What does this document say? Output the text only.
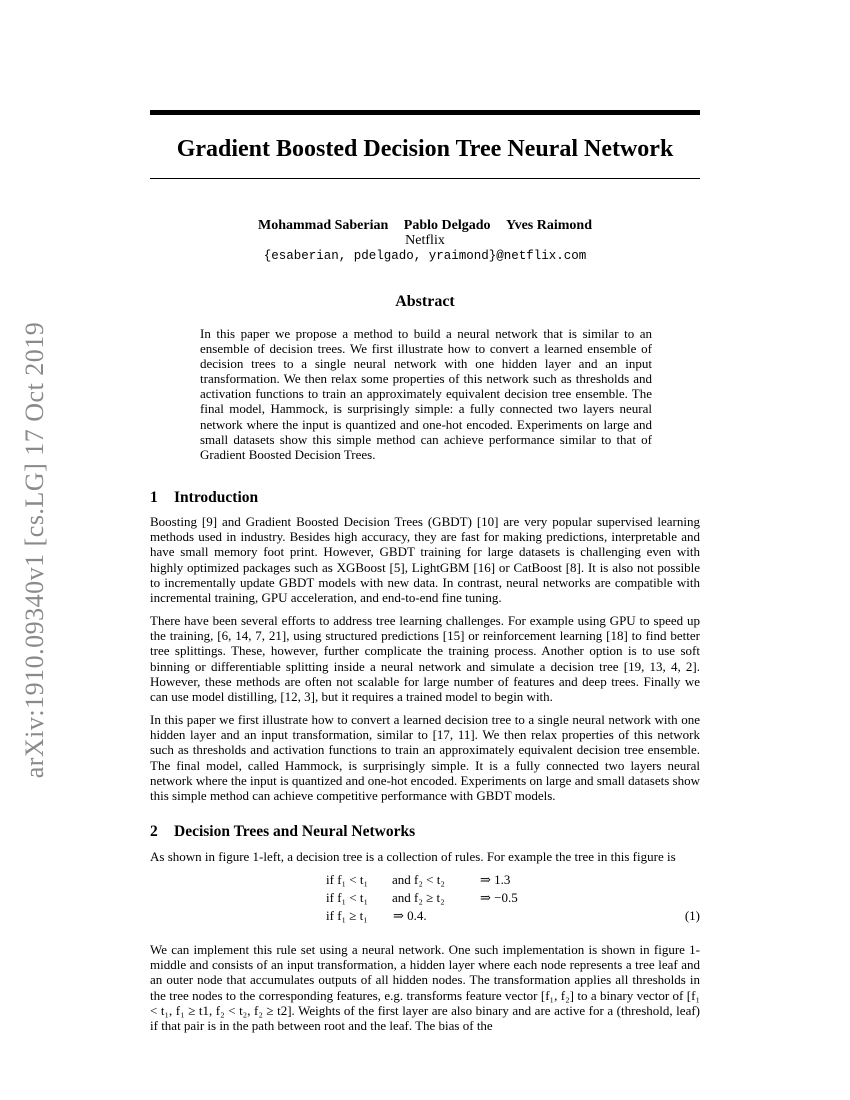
arXiv:1910.09340v1 [cs.LG] 17 Oct 2019
Gradient Boosted Decision Tree Neural Network
Mohammad Saberian Pablo Delgado Yves Raimond
Netflix
{esaberian, pdelgado, yraimond}@netflix.com
Abstract
In this paper we propose a method to build a neural network that is similar to an ensemble of decision trees. We first illustrate how to convert a learned ensemble of decision trees to a single neural network with one hidden layer and an input transformation. We then relax some properties of this network such as thresholds and activation functions to train an approximately equivalent decision tree ensemble. The final model, Hammock, is surprisingly simple: a fully connected two layers neural network where the input is quantized and one-hot encoded. Experiments on large and small datasets show this simple method can achieve performance similar to that of Gradient Boosted Decision Trees.
1 Introduction
Boosting [9] and Gradient Boosted Decision Trees (GBDT) [10] are very popular supervised learning methods used in industry. Besides high accuracy, they are fast for making predictions, interpretable and have small memory foot print. However, GBDT training for large datasets is challenging even with highly optimized packages such as XGBoost [5], LightGBM [16] or CatBoost [8]. It is also not possible to incrementally update GBDT models with new data. In contrast, neural networks are compatible with incremental training, GPU acceleration, and end-to-end fine tuning.
There have been several efforts to address tree learning challenges. For example using GPU to speed up the training, [6, 14, 7, 21], using structured predictions [15] or reinforcement learning [18] to find better tree splittings. These, however, further complicate the training process. Another option is to use soft binning or differentiable splitting inside a neural network and simulate a decision tree [19, 13, 4, 2]. However, these methods are often not scalable for large number of features and deep trees. Finally we can use model distilling, [12, 3], but it requires a trained model to begin with.
In this paper we first illustrate how to convert a learned decision tree to a single neural network with one hidden layer and an input transformation, similar to [17, 11]. We then relax properties of this network such as thresholds and activation functions to train an approximately equivalent decision tree ensemble. The final model, called Hammock, is surprisingly simple. It is a fully connected two layers neural network where the input is quantized and one-hot encoded. Experiments on large and small datasets show this simple method can achieve competitive performance with GBDT models.
2 Decision Trees and Neural Networks
As shown in figure 1-left, a decision tree is a collection of rules. For example the tree in this figure is
if f₁ < t₁ and f₂ < t₂	⇒ 1.3
if f₁ < t₁ and f₂ ≥ t₂	⇒ −0.5
if f₁ ≥ t₁ ⇒ 0.4.	(1)
We can implement this rule set using a neural network. One such implementation is shown in figure 1-middle and consists of an input transformation, a hidden layer where each node represents a tree leaf and an outer node that accumulates outputs of all hidden nodes. The transformation applies all thresholds in the tree nodes to the corresponding features, e.g. transforms feature vector [f₁, f₂] to a binary vector of [f₁ < t₁, f₁ ≥ t1, f₂ < t₂, f₂ ≥ t2]. Weights of the first layer are also binary and are active for a (threshold, leaf) if that pair is in the path between root and the leaf. The bias of the
